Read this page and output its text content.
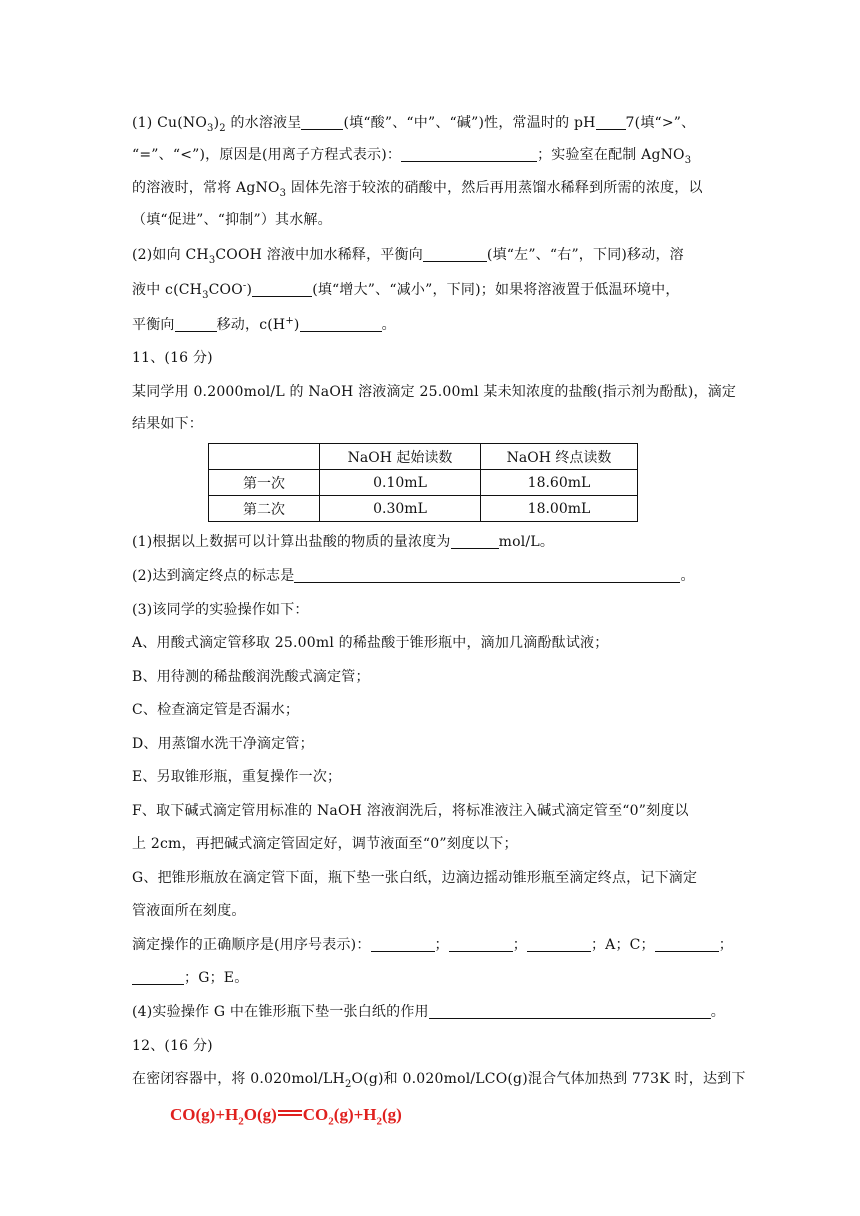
(1) $Cu(NO_3)_2$ 的水溶液呈	(填“酸”、“中”、“碱”)性，常温时的 pH 7(填“>”、
“=”、“<”)，原因是(用离子方程式表示)：	；实验室在配制 AgNO$_3$
的溶液时，常将 AgNO$_3$ 固体先溶于较浓的硝酸中，然后再用蒸馏水稀释到所需的浓度，以
（填“促进”、“抑制”）其水解。
(2)如向 $CH_3COOH$ 溶液中加水稀释，平衡向	(填“左”、“右”，下同)移动，溶
液中 $c(CH_3COO^-)$	(填“增大”、“减小”，下同)；如果将溶液置于低温环境中，
平衡向	移动，c(H+)	。
11、(16 分)
某同学用 0.2000mol/L 的 NaOH 溶液滴定 25.00ml 某未知浓度的盐酸(指示剂为酚酞)，滴定
结果如下：
	NaOH 起始读数	NaOH 终点读数
第一次	0.10mL	18.60mL
第二次	0.30mL	18.00mL
(1)根据以上数据可以计算出盐酸的物质的量浓度为	mol/L。
(2)达到滴定终点的标志是	。
(3)该同学的实验操作如下：
A、用酸式滴定管移取 25.00ml 的稀盐酸于锥形瓶中，滴加几滴酚酞试液；
B、用待测的稀盐酸润洗酸式滴定管；
C、检查滴定管是否漏水；
D、用蒸馏水洗干净滴定管；
E、另取锥形瓶，重复操作一次；
F、取下碱式滴定管用标准的 NaOH 溶液润洗后，将标准液注入碱式滴定管至“0”刻度以
上 2cm，再把碱式滴定管固定好，调节液面至“0”刻度以下；
G、把锥形瓶放在滴定管下面，瓶下垫一张白纸，边滴边摇动锥形瓶至滴定终点，记下滴定
管液面所在刻度。
滴定操作的正确顺序是(用序号表示)：	；	；	；A；C；	；
；G；E。
(4)实验操作 G 中在锥形瓶下垫一张白纸的作用	。
12、(16 分)
在密闭容器中，将 $0.020mol/LH_2O(g)$和 0.020mol/LCO(g)混合气体加热到 773K 时，达到下
$CO(g)+H_2O(g)$ $CO_2(g)+H_2(g)$
